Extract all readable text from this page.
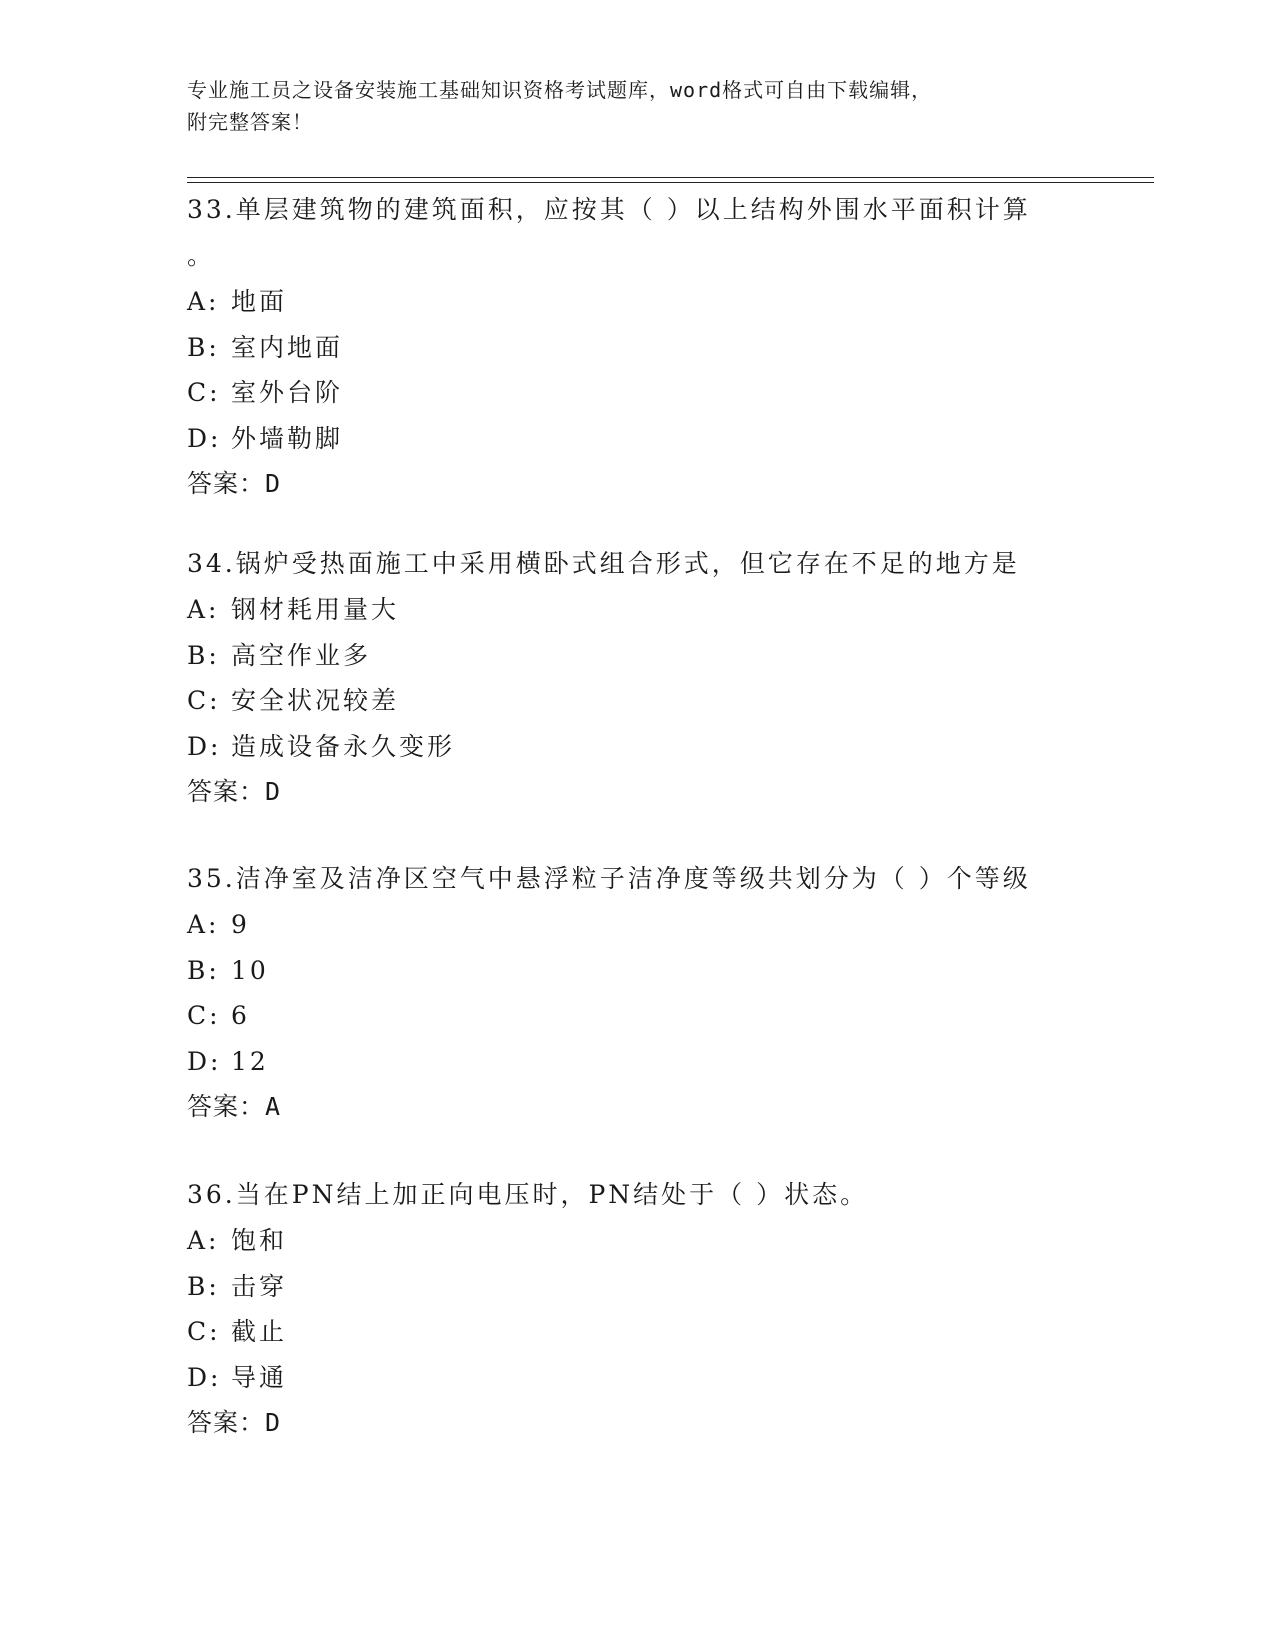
专业施工员之设备安装施工基础知识资格考试题库，word格式可自由下载编辑，
附完整答案！

33.单层建筑物的建筑面积，应按其（ ）以上结构外围水平面积计算
。

A: 地面

B: 室内地面

C: 室外台阶

D: 外墙勒脚

答案：D

34.锅炉受热面施工中采用横卧式组合形式，但它存在不足的地方是

A: 钢材耗用量大

B: 高空作业多

C: 安全状况较差

D: 造成设备永久变形

答案：D

35.洁净室及洁净区空气中悬浮粒子洁净度等级共划分为（ ）个等级

A: 9

B: 10

C: 6

D: 12

答案：A

36.当在PN结上加正向电压时，PN结处于（ ）状态。

A: 饱和

B: 击穿

C: 截止

D: 导通

答案：D
